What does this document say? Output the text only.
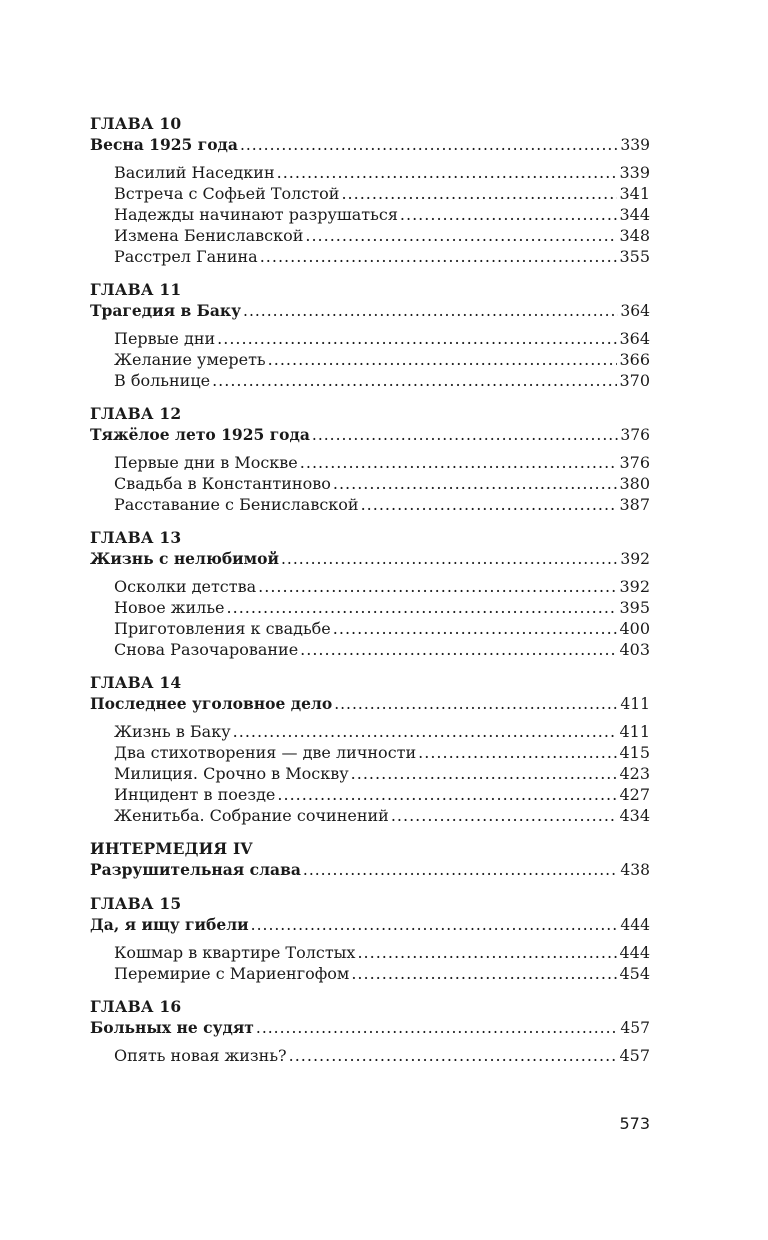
ГЛАВА 10
Весна 1925 года .....	339
Василий Наседкин .....	339
Встреча с Софьей Толстой .....	341
Надежды начинают разрушаться .....	344
Измена Бениславской .....	348
Расстрел Ганина .....	355
ГЛАВА 11
Трагедия в Баку .....	364
Первые дни .....	364
Желание умереть .....	366
В больнице .....	370
ГЛАВА 12
Тяжёлое лето 1925 года .....	376
Первые дни в Москве .....	376
Свадьба в Константиново .....	380
Расставание с Бениславской .....	387
ГЛАВА 13
Жизнь с нелюбимой .....	392
Осколки детства .....	392
Новое жилье .....	395
Приготовления к свадьбе .....	400
Снова Разочарование .....	403
ГЛАВА 14
Последнее уголовное дело .....	411
Жизнь в Баку .....	411
Два стихотворения — две личности .....	415
Милиция. Срочно в Москву .....	423
Инцидент в поезде .....	427
Женитьба. Собрание сочинений .....	434
ИНТЕРМЕДИЯ IV
Разрушительная слава .....	438
ГЛАВА 15
Да, я ищу гибели .....	444
Кошмар в квартире Толстых .....	444
Перемирие с Мариенгофом .....	454
ГЛАВА 16
Больных не судят .....	457
Опять новая жизнь? .....	457
573
